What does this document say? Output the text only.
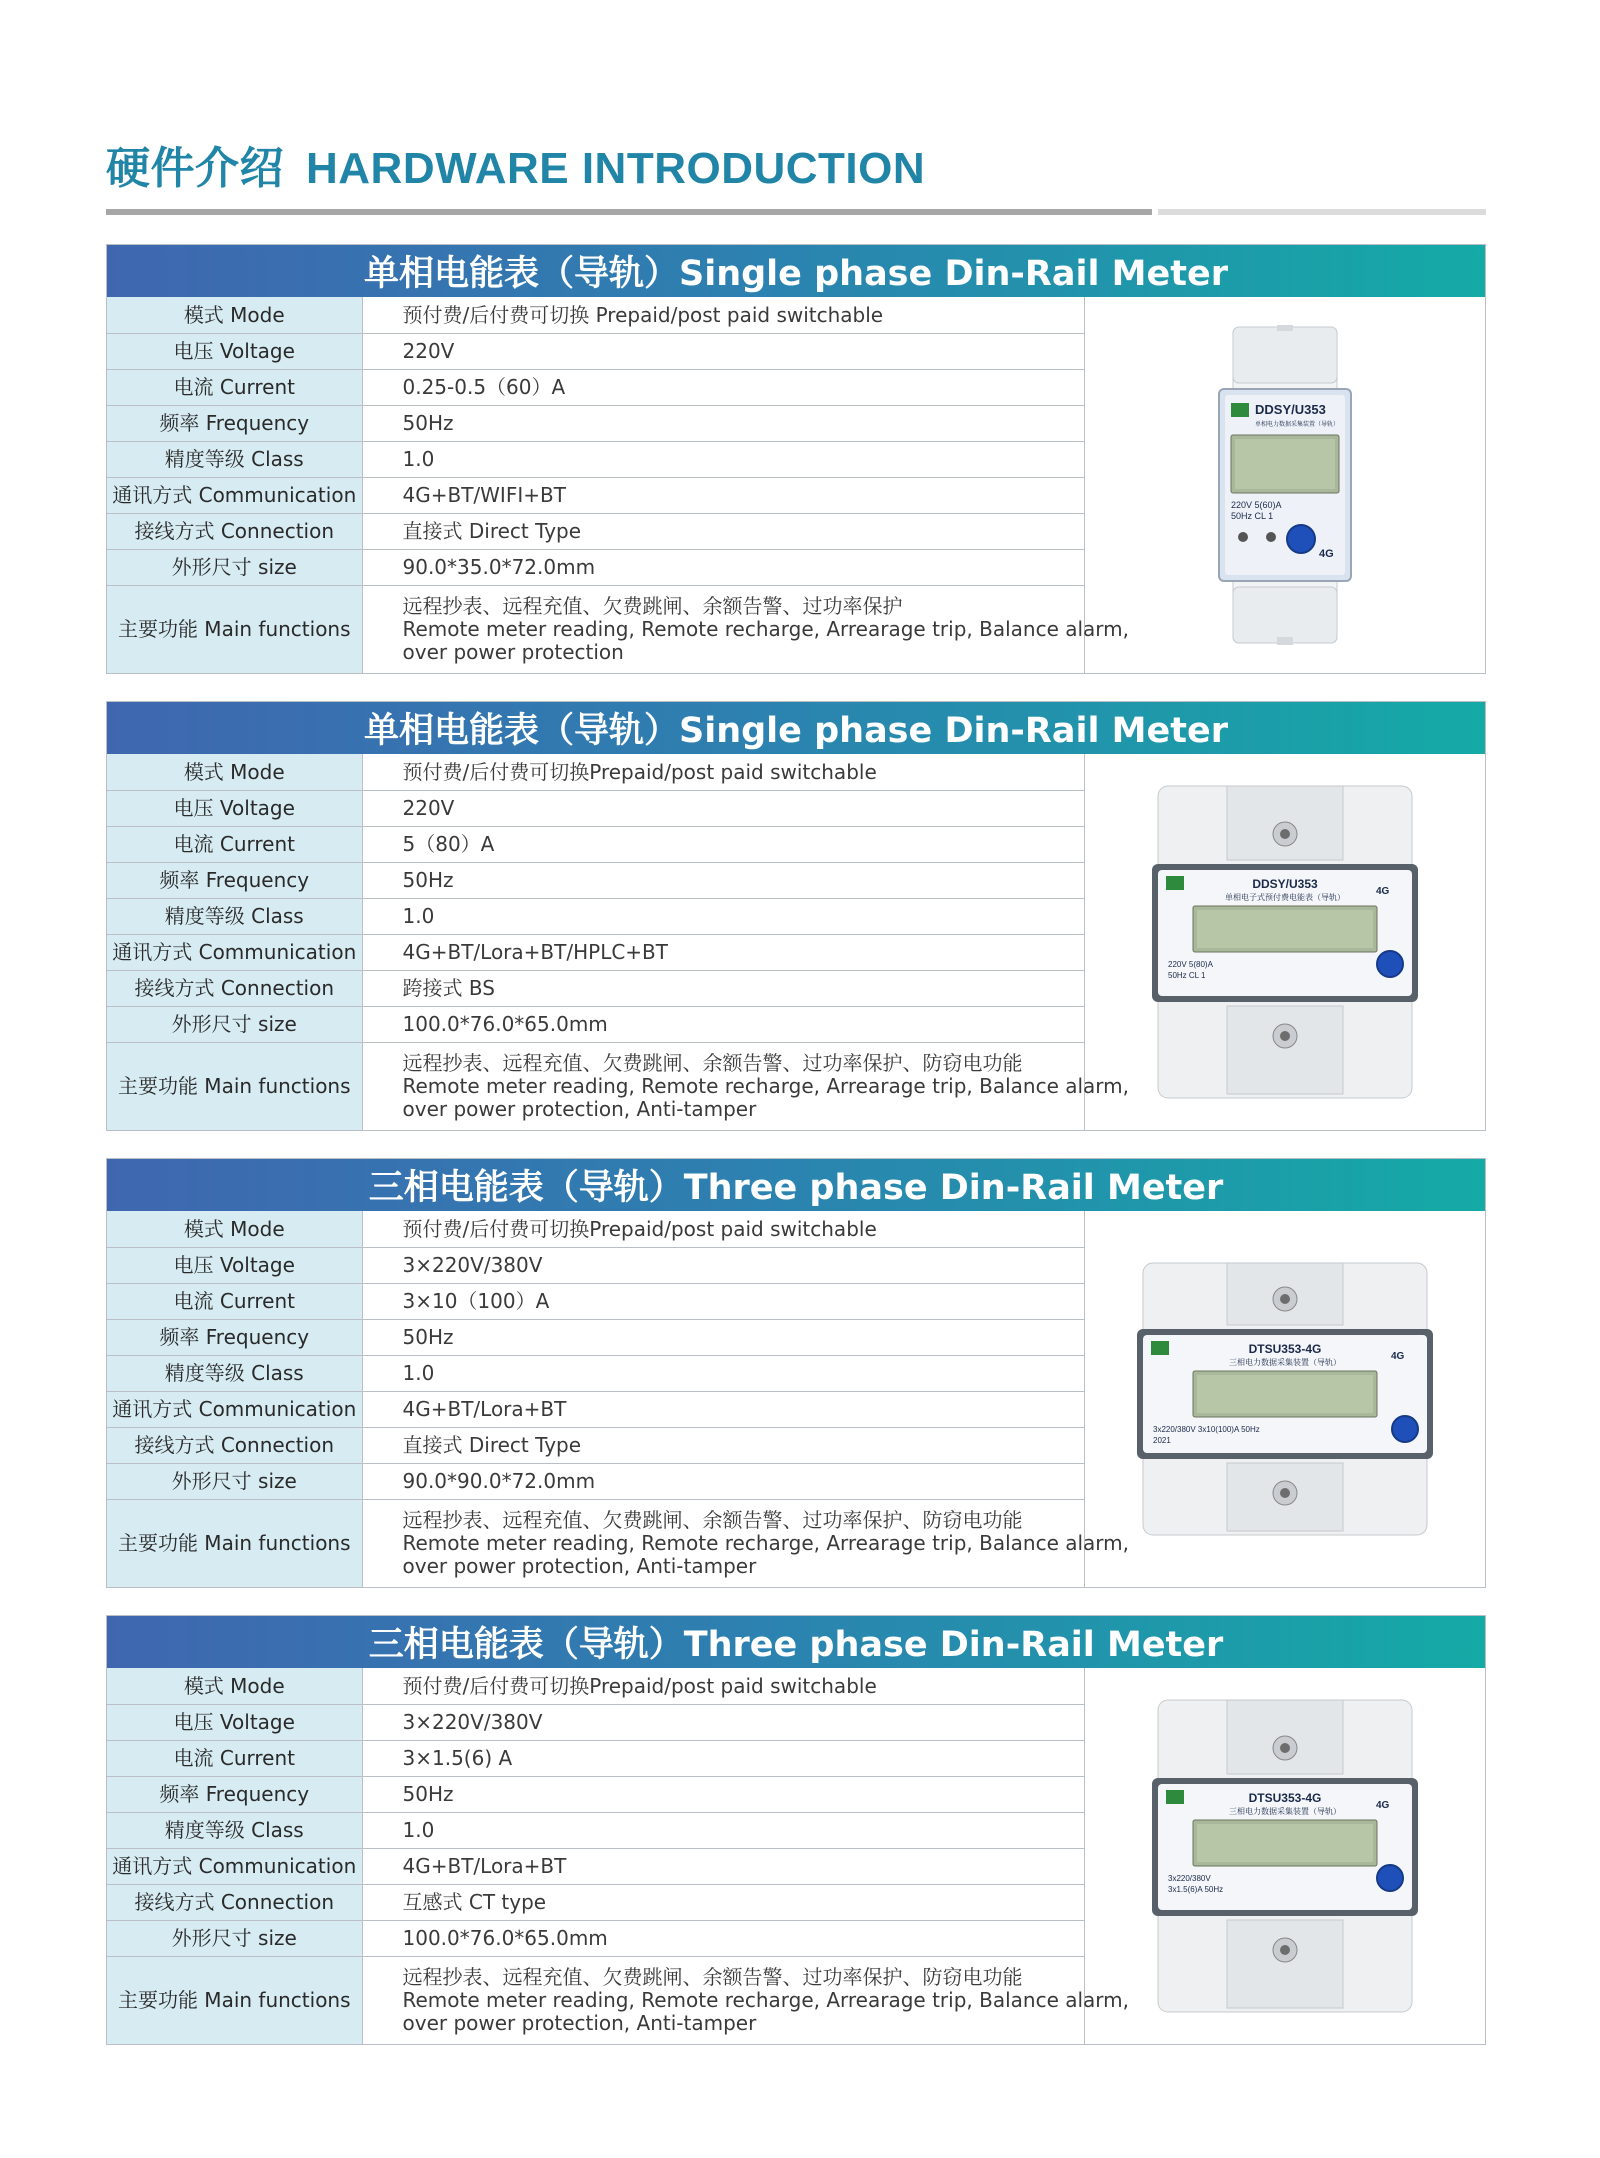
硬件介绍 HARDWARE INTRODUCTION
单相电能表（导轨）Single phase Din-Rail Meter
模式 Mode	预付费/后付费可切换 Prepaid/post paid switchable
电压 Voltage	220V
电流 Current	0.25-0.5（60）A
频率 Frequency	50Hz
精度等级 Class	1.0
通讯方式 Communication	4G+BT/WIFI+BT
接线方式 Connection	直接式 Direct Type
外形尺寸 size	90.0*35.0*72.0mm
主要功能 Main functions	远程抄表、远程充值、欠费跳闸、余额告警、过功率保护
Remote meter reading, Remote recharge, Arrearage trip, Balance alarm,
over power protection
DDSY/U353
单相电力数据采集装置（导轨）
220V 5(60)A
50Hz CL 1
4G
单相电能表（导轨）Single phase Din-Rail Meter
模式 Mode	预付费/后付费可切换Prepaid/post paid switchable
电压 Voltage	220V
电流 Current	5（80）A
频率 Frequency	50Hz
精度等级 Class	1.0
通讯方式 Communication	4G+BT/Lora+BT/HPLC+BT
接线方式 Connection	跨接式 BS
外形尺寸 size	100.0*76.0*65.0mm
主要功能 Main functions	远程抄表、远程充值、欠费跳闸、余额告警、过功率保护、防窃电功能
Remote meter reading, Remote recharge, Arrearage trip, Balance alarm,
over power protection, Anti-tamper
DDSY/U353
单相电子式预付费电能表（导轨）
220V 5(80)A
50Hz CL 1
4G
三相电能表（导轨）Three phase Din-Rail Meter
模式 Mode	预付费/后付费可切换Prepaid/post paid switchable
电压 Voltage	3×220V/380V
电流 Current	3×10（100）A
频率 Frequency	50Hz
精度等级 Class	1.0
通讯方式 Communication	4G+BT/Lora+BT
接线方式 Connection	直接式 Direct Type
外形尺寸 size	90.0*90.0*72.0mm
主要功能 Main functions	远程抄表、远程充值、欠费跳闸、余额告警、过功率保护、防窃电功能
Remote meter reading, Remote recharge, Arrearage trip, Balance alarm,
over power protection, Anti-tamper
DTSU353-4G
三相电力数据采集装置（导轨）
3x220/380V 3x10(100)A 50Hz
2021
4G
三相电能表（导轨）Three phase Din-Rail Meter
模式 Mode	预付费/后付费可切换Prepaid/post paid switchable
电压 Voltage	3×220V/380V
电流 Current	3×1.5(6) A
频率 Frequency	50Hz
精度等级 Class	1.0
通讯方式 Communication	4G+BT/Lora+BT
接线方式 Connection	互感式 CT type
外形尺寸 size	100.0*76.0*65.0mm
主要功能 Main functions	远程抄表、远程充值、欠费跳闸、余额告警、过功率保护、防窃电功能
Remote meter reading, Remote recharge, Arrearage trip, Balance alarm,
over power protection, Anti-tamper
DTSU353-4G
三相电力数据采集装置（导轨）
3x220/380V
3x1.5(6)A 50Hz
4G
